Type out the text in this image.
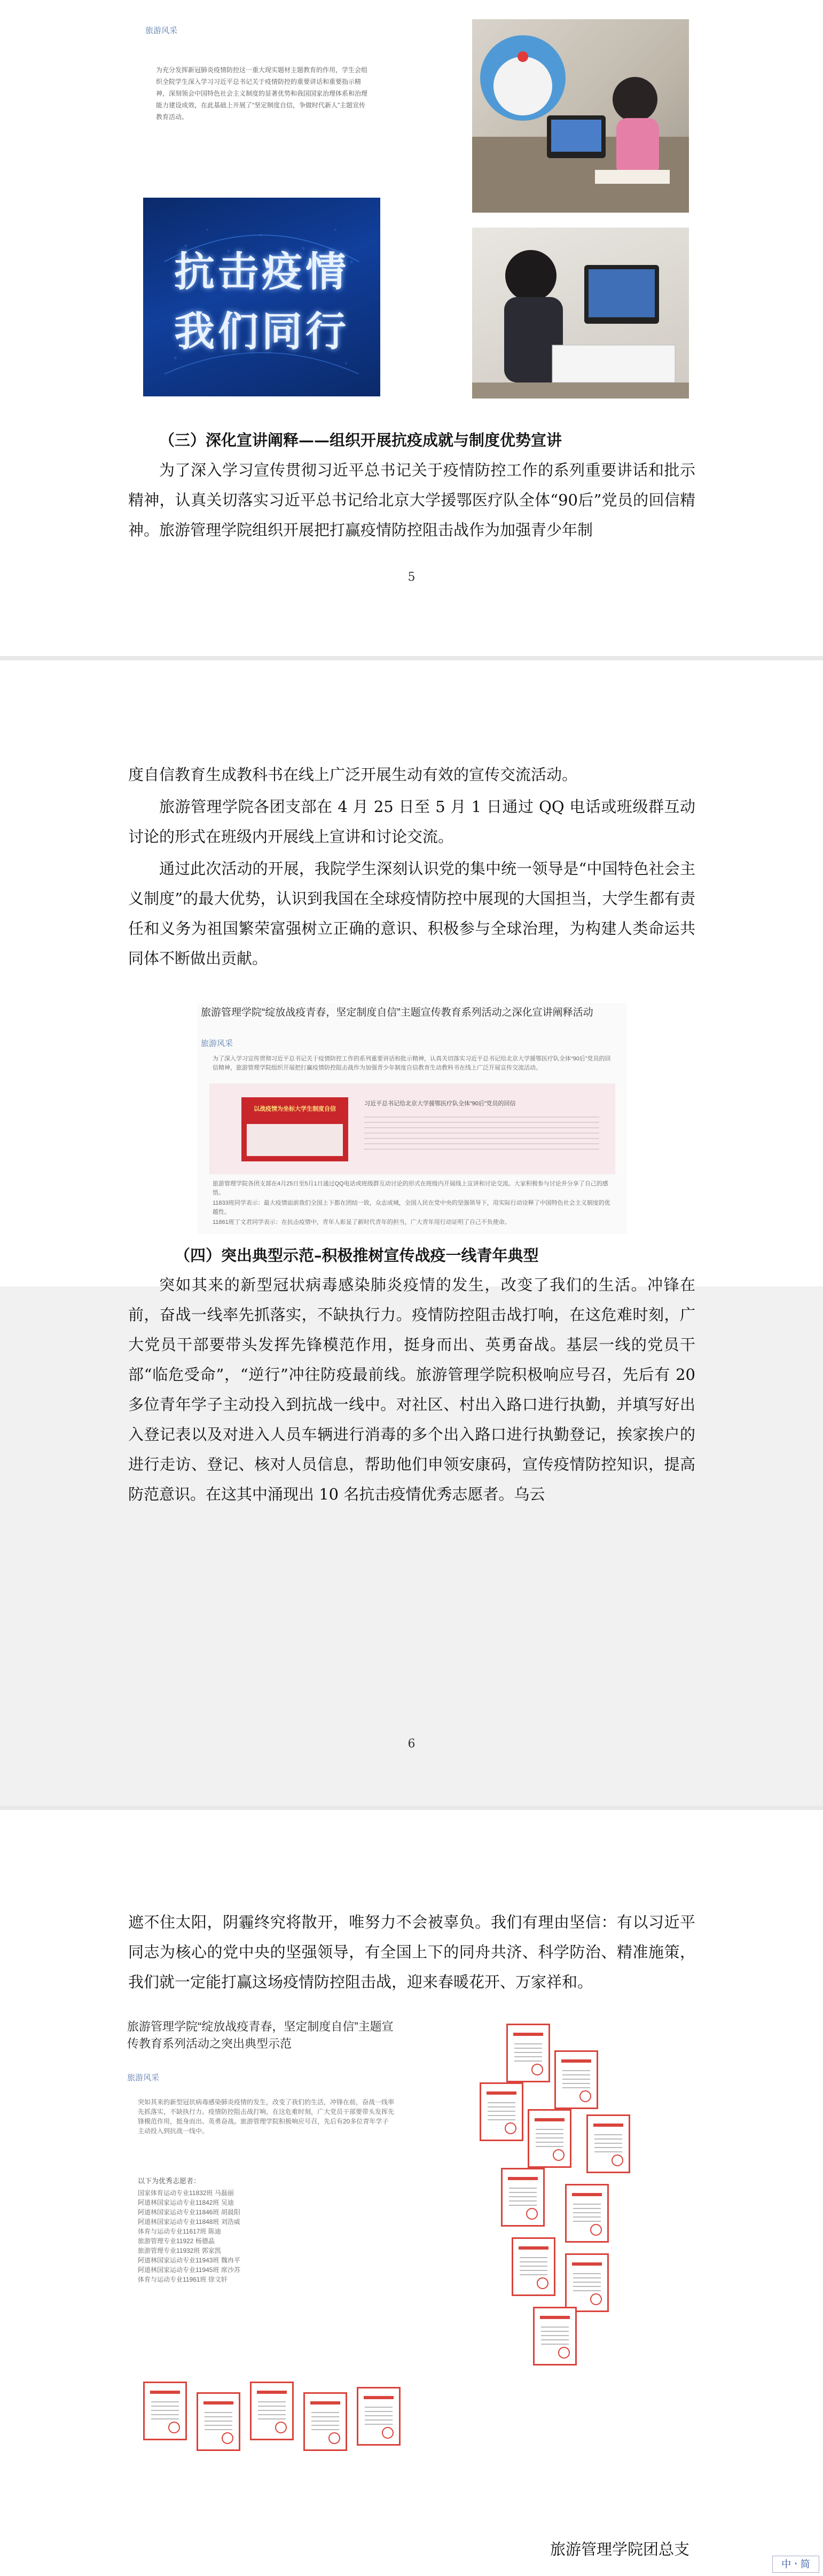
旅游风采
为充分发挥新冠肺炎疫情防控这一重大现实题材主题教育的作用，学生会组织全院学生深入学习习近平总书记关于疫情防控的重要讲话和重要指示精神，深刻领会中国特色社会主义制度的显著优势和我国国家治理体系和治理能力建设成效，在此基础上开展了“坚定制度自信，争做时代新人”主题宣传教育活动。
抗击疫情
我们同行

（三）深化宣讲阐释——组织开展抗疫成就与制度优势宣讲

为了深入学习宣传贯彻习近平总书记关于疫情防控工作的系列重要讲话和批示精神，认真关切落实习近平总书记给北京大学援鄂医疗队全体“90后”党员的回信精神。旅游管理学院组织开展把打赢疫情防控阻击战作为加强青少年制

5

度自信教育生成教科书在线上广泛开展生动有效的宣传交流活动。

旅游管理学院各团支部在 4 月 25 日至 5 月 1 日通过 QQ 电话或班级群互动讨论的形式在班级内开展线上宣讲和讨论交流。

通过此次活动的开展，我院学生深刻认识党的集中统一领导是“中国特色社会主义制度”的最大优势，认识到我国在全球疫情防控中展现的大国担当，大学生都有责任和义务为祖国繁荣富强树立正确的意识、积极参与全球治理，为构建人类命运共同体不断做出贡献。

旅游管理学院“绽放战疫青春，坚定制度自信”主题宣传教育系列活动之深化宣讲阐释活动
旅游风采
为了深入学习宣传贯彻习近平总书记关于疫情防控工作的系列重要讲话和批示精神，认真关切落实习近平总书记给北京大学援鄂医疗队全体“90后”党员的回信精神，旅游管理学院组织开展把打赢疫情防控阻击战作为加强青少年制度自信教育生动教科书在线上广泛开展宣传交流活动。
以战疫情为坐标大学生制度自信
习近平总书记给北京大学援鄂医疗队全体“90后”党员的回信
旅游管理学院各团支部在4月25日至5月1日通过QQ电话或班级群互动讨论的形式在班级内开展线上宣讲和讨论交流。大家积极参与讨论并分享了自己的感悟。
11833班同学表示：最大疫情面前我们全国上下都在团结一致，众志成城，全国人民在党中央的坚强领导下，用实际行动诠释了中国特色社会主义制度的优越性。
11861班丁文君同学表示：在抗击疫情中，青年人彰显了新时代青年的担当，广大青年用行动证明了自己不负使命。

（四）突出典型示范–积极推树宣传战疫一线青年典型

突如其来的新型冠状病毒感染肺炎疫情的发生，改变了我们的生活。冲锋在前，奋战一线率先抓落实，不缺执行力。疫情防控阻击战打响，在这危难时刻，广大党员干部要带头发挥先锋模范作用，挺身而出、英勇奋战。基层一线的党员干部“临危受命”，“逆行”冲往防疫最前线。旅游管理学院积极响应号召，先后有 20 多位青年学子主动投入到抗战一线中。对社区、村出入路口进行执勤，并填写好出入登记表以及对进入人员车辆进行消毒的多个出入路口进行执勤登记，挨家挨户的进行走访、登记、核对人员信息，帮助他们申领安康码，宣传疫情防控知识，提高防范意识。在这其中涌现出 10 名抗击疫情优秀志愿者。乌云

6

遮不住太阳，阴霾终究将散开，唯努力不会被辜负。我们有理由坚信：有以习近平同志为核心的党中央的坚强领导，有全国上下的同舟共济、科学防治、精准施策，我们就一定能打赢这场疫情防控阻击战，迎来春暖花开、万家祥和。

旅游管理学院“绽放战疫青春，坚定制度自信”主题宣传教育系列活动之突出典型示范
旅游风采
突如其来的新型冠状病毒感染肺炎疫情的发生，改变了我们的生活，冲锋在前，奋战一线率先抓落实，不缺执行力。疫情防控阻击战打响，在这危难时刻，广大党员干部要带头发挥先锋模范作用，挺身而出、英勇奋战。旅游管理学院积极响应号召，先后有20多位青年学子主动投入到抗战一线中。
以下为优秀志愿者：
国家体育运动专业11832班 马磊丽
阿道林国家运动专业11842班 吴迪
阿道林国家运动专业11846班 胡晨阳
阿道林国家运动专业11848班 刘浩威
体育与运动专业11617班 陈迪
旅游管理专业11922 杨德晶
旅游管理专业11932班 郭家凯
阿道林国家运动专业11943班 魏冉平
阿道林国家运动专业11945班 席沙苏
体育与运动专业11961班 徐文轩
旅游管理学院团总支
中ㆍ简
